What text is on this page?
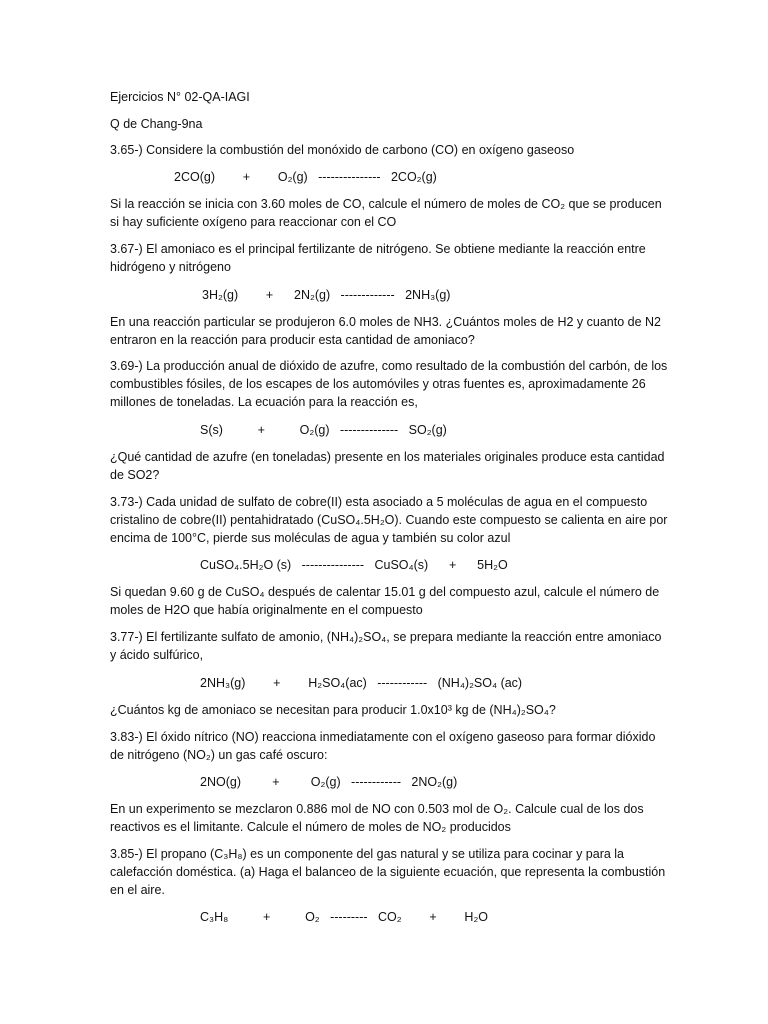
Ejercicios N° 02-QA-IAGI

Q de Chang-9na

3.65-) Considere la combustión del monóxido de carbono (CO) en oxígeno gaseoso

2CO(g)        +        O₂(g)   ---------------   2CO₂(g)

Si la reacción se inicia con 3.60 moles de CO, calcule el número de moles de CO₂ que se producen si hay suficiente oxígeno para reaccionar con el CO

3.67-) El amoniaco es el principal fertilizante de nitrógeno. Se obtiene mediante la reacción entre hidrógeno y nitrógeno

3H₂(g)        +      2N₂(g)   -------------   2NH₃(g)

En una reacción particular se produjeron 6.0 moles de NH3. ¿Cuántos moles de H2 y cuanto de N2 entraron en la reacción para producir esta cantidad de amoniaco?

3.69-) La producción anual de dióxido de azufre, como resultado de la combustión del carbón, de los combustibles fósiles, de los escapes de los automóviles y otras fuentes es, aproximadamente 26 millones de toneladas. La ecuación para la reacción es,

S(s)          +          O₂(g)   --------------   SO₂(g)

¿Qué cantidad de azufre (en toneladas) presente en los materiales originales produce esta cantidad de SO2?

3.73-) Cada unidad de sulfato de cobre(II) esta asociado a 5 moléculas de agua en el compuesto cristalino de cobre(II) pentahidratado (CuSO₄.5H₂O). Cuando este compuesto se calienta en aire por encima de 100°C, pierde sus moléculas de agua y también su color azul

CuSO₄.5H₂O (s)   ---------------   CuSO₄(s)      +      5H₂O

Si quedan 9.60 g de CuSO₄ después de calentar 15.01 g del compuesto azul, calcule el número de moles de H2O que había originalmente en el compuesto

3.77-) El fertilizante sulfato de amonio, (NH₄)₂SO₄, se prepara mediante la reacción entre amoniaco y ácido sulfúrico,

2NH₃(g)        +        H₂SO₄(ac)   ------------   (NH₄)₂SO₄ (ac)

¿Cuántos kg de amoniaco se necesitan para producir 1.0x10³ kg de (NH₄)₂SO₄?

3.83-) El óxido nítrico (NO) reacciona inmediatamente con el oxígeno gaseoso para formar dióxido de nitrógeno (NO₂) un gas café oscuro:

2NO(g)         +         O₂(g)   ------------   2NO₂(g)

En un experimento se mezclaron 0.886 mol de NO con 0.503 mol de O₂. Calcule cual de los dos reactivos es el limitante. Calcule el número de moles de NO₂ producidos

3.85-) El propano (C₃H₈) es un componente del gas natural y se utiliza para cocinar y para la calefacción doméstica. (a) Haga el balanceo de la siguiente ecuación, que representa la combustión en el aire.

C₃H₈          +          O₂   ---------   CO₂        +        H₂O
